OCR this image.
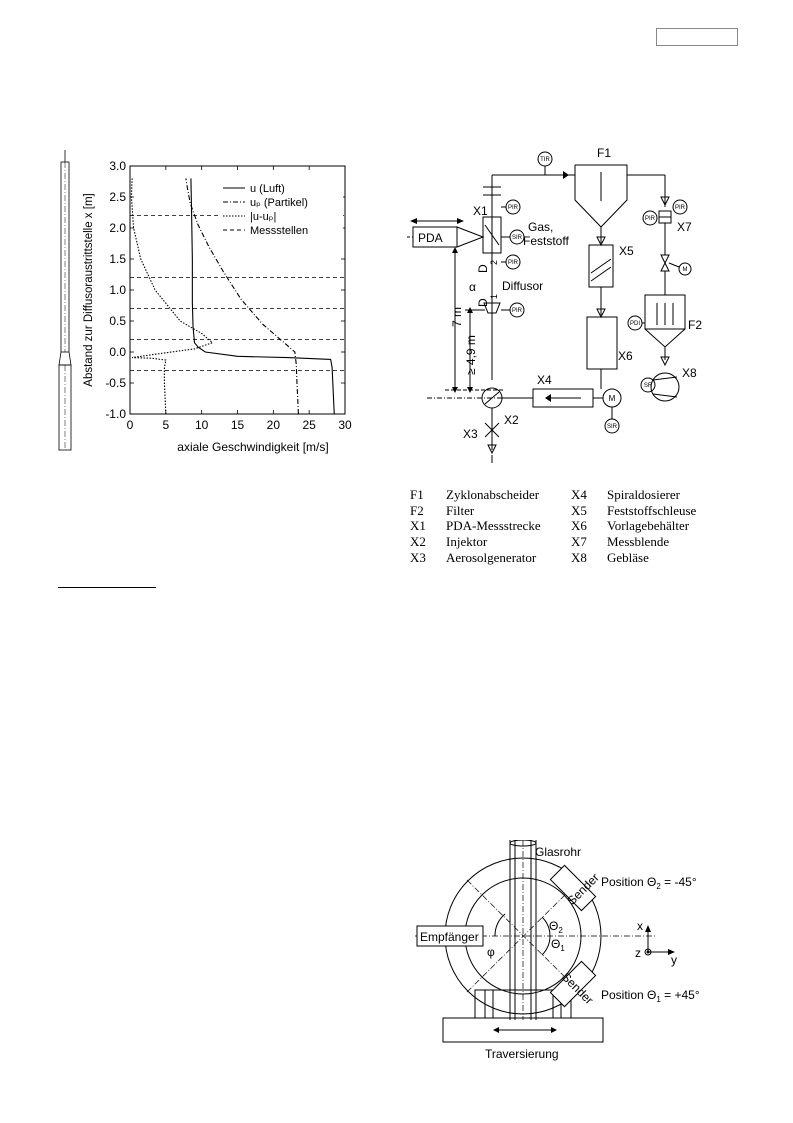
0 5 10 15 20 25 30
-1.0
-0.5
0.0
0.5
1.0
1.5
2.0
2.5
3.0
axiale Geschwindigkeit [m/s]
Abstand zur Diffusoraustrittstelle x [m]
u (Luft)
uₚ (Partikel)
|u-uₚ|
Messstellen
F1
X1
Gas,
Feststoff
PDA
X5
X7
F2
X6
X8
X4
X2
X3
Diffusor
α
D
2
D
1
7 m
≥ 4,9 m
TIR
PIR
SIR
PIR
PIR
PIR
PIR
M
PDI
SR
M
SIR
F1	Zyklonabscheider	X4	Spiraldosierer
F2	Filter	X5	Feststoffschleuse
X1	PDA-Messstrecke	X6	Vorlagebehälter
X2	Injektor	X7	Messblende
X3	Aerosolgenerator	X8	Gebläse
Glasrohr
Empfänger
Sender
Sender
Position $\Theta_2 = -45^\circ$
Position $\Theta_1 = +45^\circ$
$\Theta_2$
$\Theta_1$
φ
x
y
z
Traversierung
